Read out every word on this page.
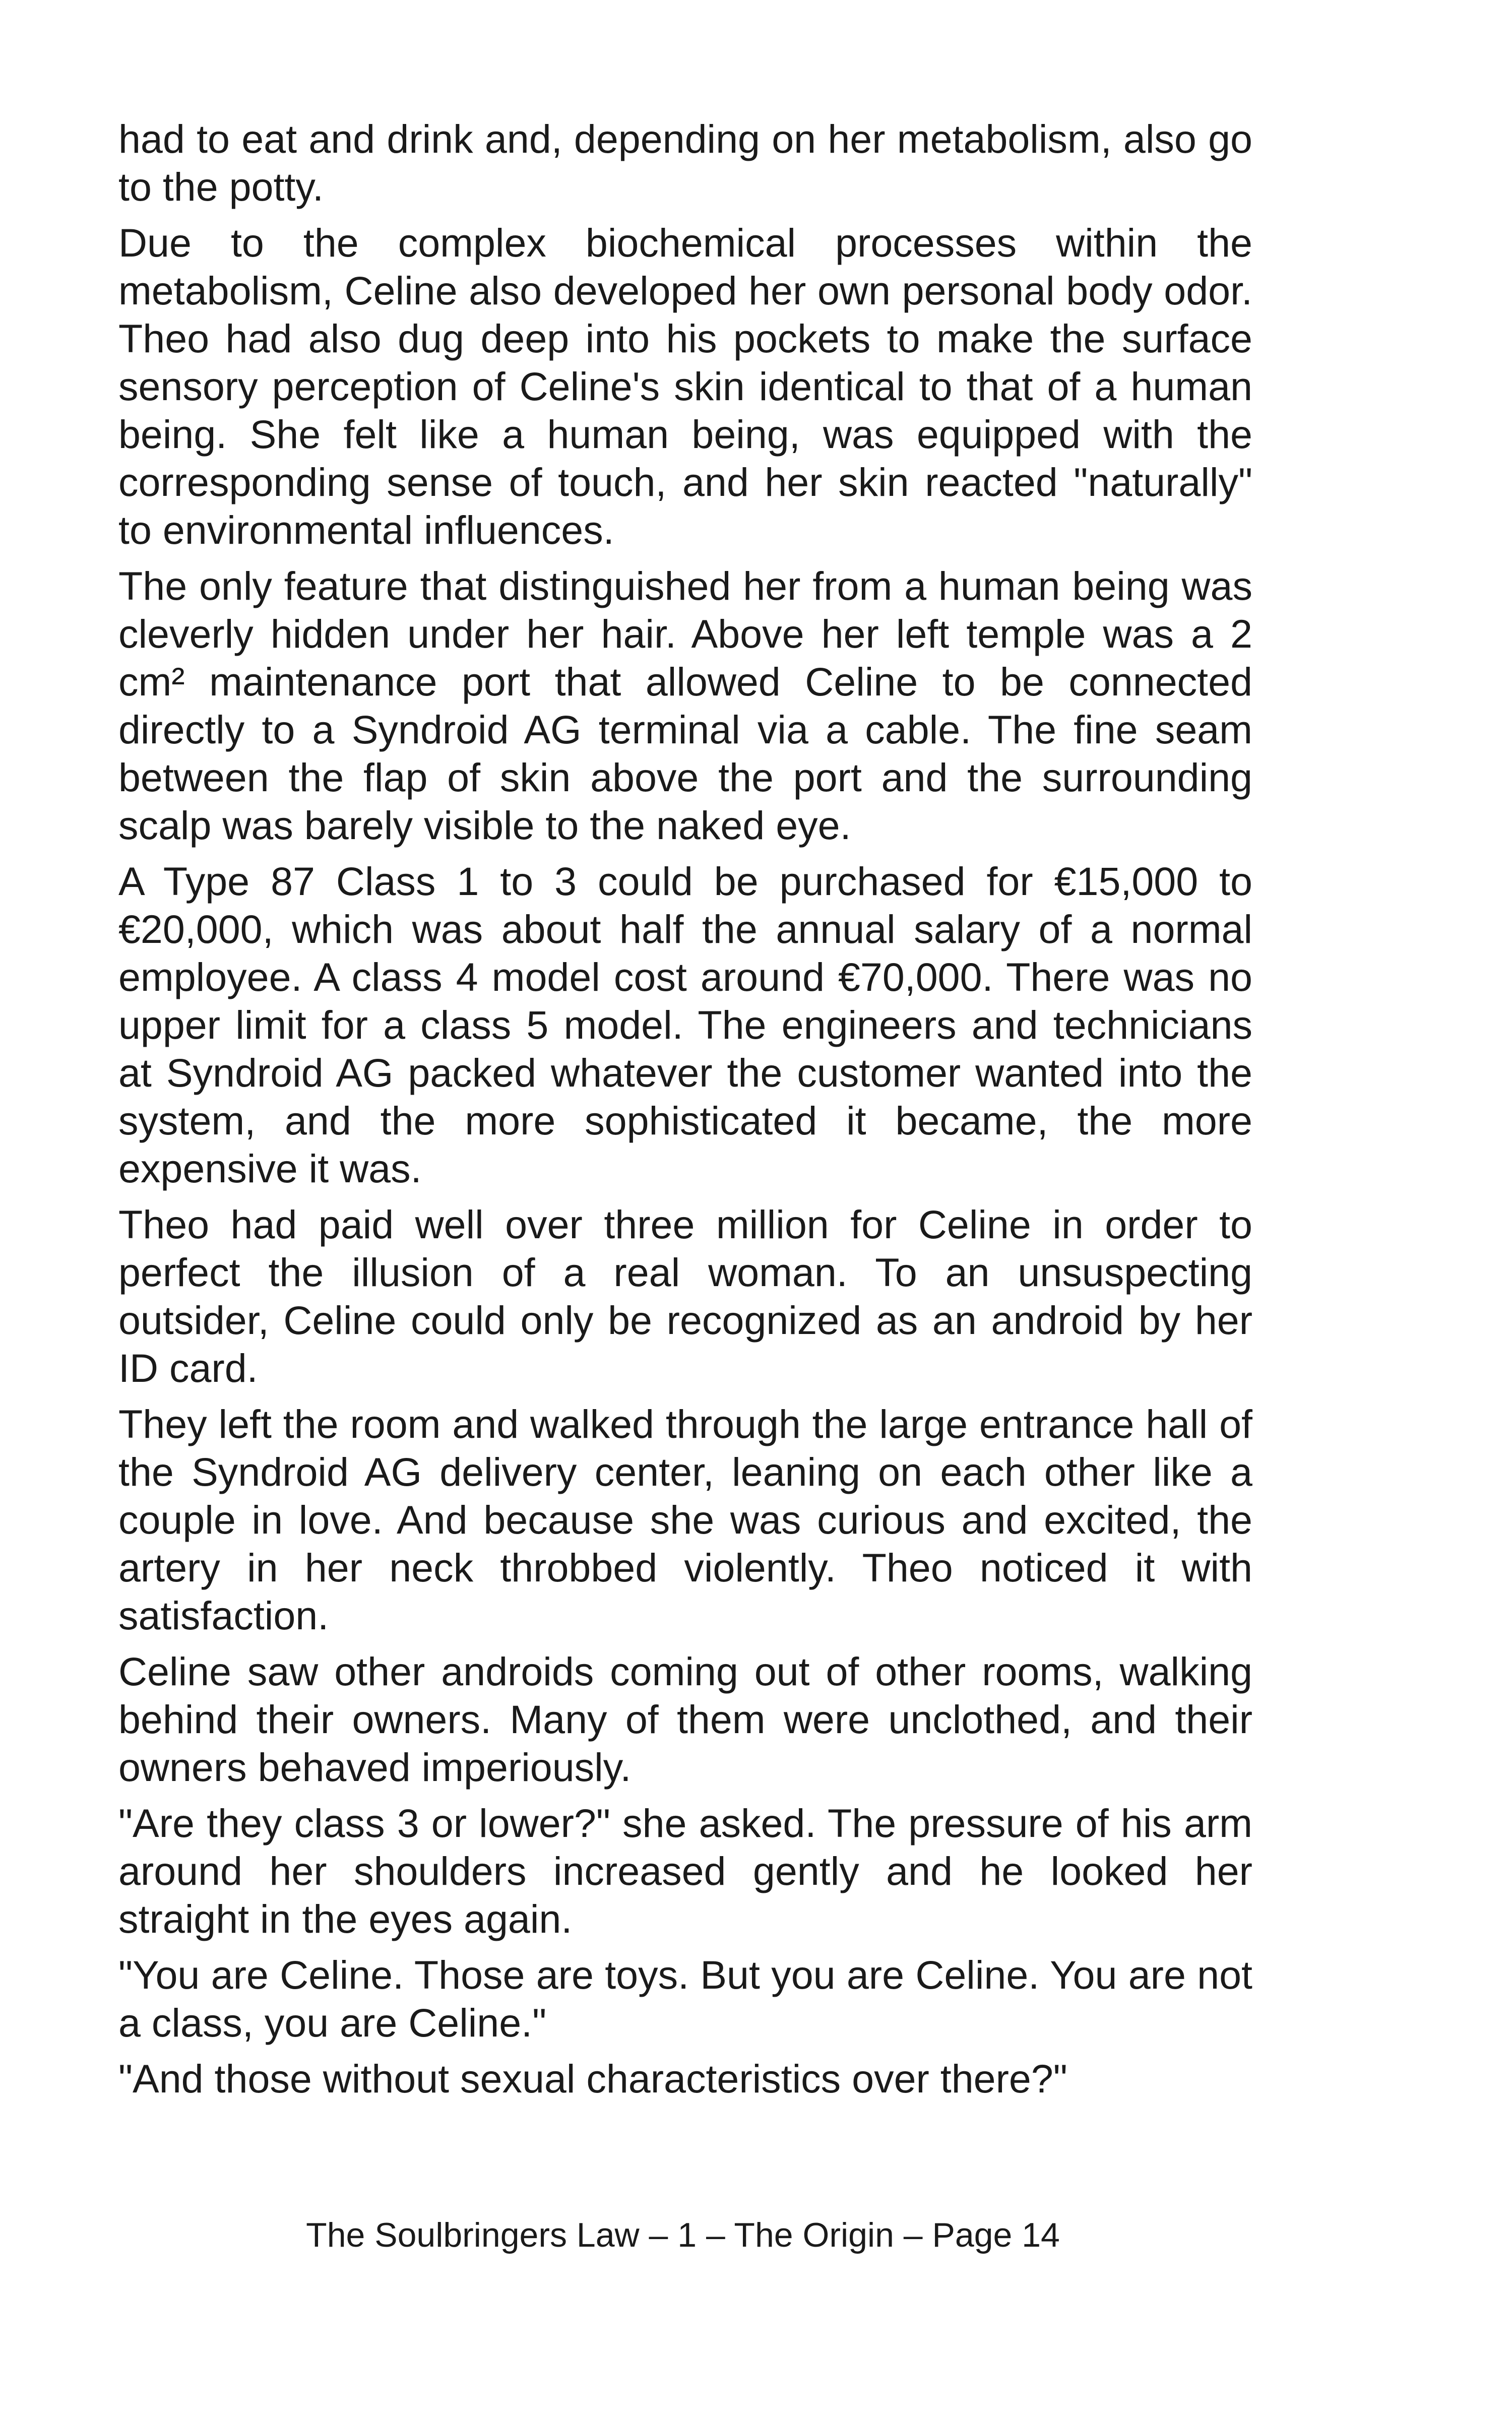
had to eat and drink and, depending on her metabolism, also go to the potty.

Due to the complex biochemical processes within the metabolism, Celine also developed her own personal body odor. Theo had also dug deep into his pockets to make the surface sensory perception of Celine's skin identical to that of a human being. She felt like a human being, was equipped with the corresponding sense of touch, and her skin reacted "naturally" to environmental influences.

The only feature that distinguished her from a human being was cleverly hidden under her hair. Above her left temple was a 2 cm² maintenance port that allowed Celine to be connected directly to a Syndroid AG terminal via a cable. The fine seam between the flap of skin above the port and the surrounding scalp was barely visible to the naked eye.

A Type 87 Class 1 to 3 could be purchased for €15,000 to €20,000, which was about half the annual salary of a normal employee. A class 4 model cost around €70,000. There was no upper limit for a class 5 model. The engineers and technicians at Syndroid AG packed whatever the customer wanted into the system, and the more sophisticated it became, the more expensive it was.

Theo had paid well over three million for Celine in order to perfect the illusion of a real woman. To an unsuspecting outsider, Celine could only be recognized as an android by her ID card.

They left the room and walked through the large entrance hall of the Syndroid AG delivery center, leaning on each other like a couple in love. And because she was curious and excited, the artery in her neck throbbed violently. Theo noticed it with satisfaction.

Celine saw other androids coming out of other rooms, walking behind their owners. Many of them were unclothed, and their owners behaved imperiously.

"Are they class 3 or lower?" she asked. The pressure of his arm around her shoulders increased gently and he looked her straight in the eyes again.

"You are Celine. Those are toys. But you are Celine. You are not a class, you are Celine."

"And those without sexual characteristics over there?"

The Soulbringers Law – 1 – The Origin – Page 14
